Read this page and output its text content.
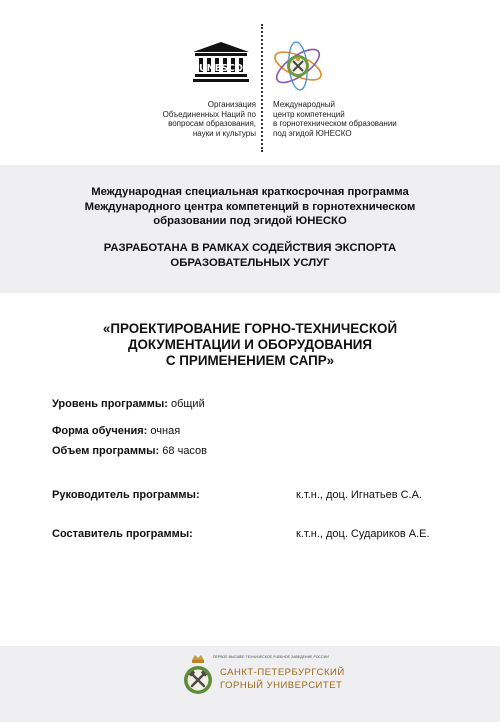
UNESCO
Организация
Объединенных Наций по
вопросам образования,
науки и культуры
Международный
центр компетенций
в горнотехническом образовании
под эгидой ЮНЕСКО
Международная специальная краткосрочная программа
Международного центра компетенций в горнотехническом
образовании под эгидой ЮНЕСКО
РАЗРАБОТАНА В РАМКАХ СОДЕЙСТВИЯ ЭКСПОРТА
ОБРАЗОВАТЕЛЬНЫХ УСЛУГ
«ПРОЕКТИРОВАНИЕ ГОРНО-ТЕХНИЧЕСКОЙ
ДОКУМЕНТАЦИИ И ОБОРУДОВАНИЯ
С ПРИМЕНЕНИЕМ САПР»
Уровень программы: общий
Форма обучения: очная
Объем программы: 68 часов
Руководитель программы:	к.т.н., доц. Игнатьев С.А.
Составитель программы:	к.т.н., доц. Судариков А.Е.
ПЕРВОЕ ВЫСШЕЕ ТЕХНИЧЕСКОЕ УЧЕБНОЕ ЗАВЕДЕНИЕ РОССИИ
САНКТ-ПЕТЕРБУРГСКИЙ
ГОРНЫЙ УНИВЕРСИТЕТ
